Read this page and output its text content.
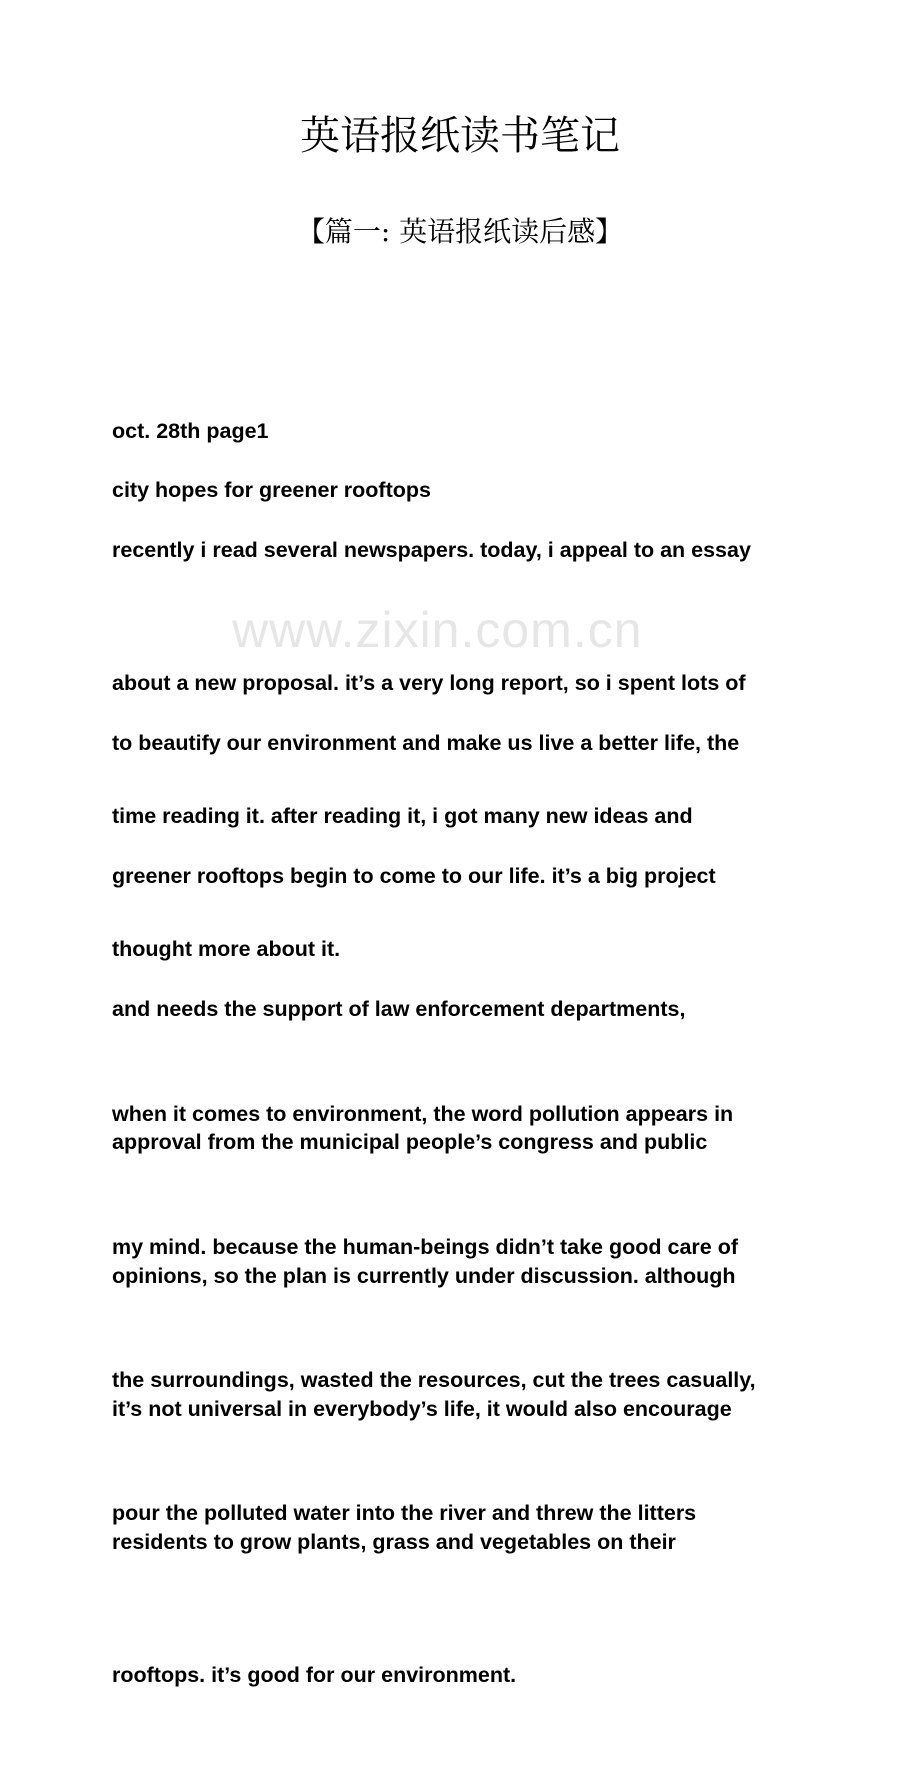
英语报纸读书笔记
【篇一: 英语报纸读后感】

oct. 28th page1

city hopes for greener rooftops

recently i read several newspapers. today, i appeal to an essay

about a new proposal. it’s a very long report, so i spent lots of

time reading it. after reading it, i got many new ideas and

thought more about it.

to beautify our environment and make us live a better life, the

greener rooftops begin to come to our life. it’s a big project

and needs the support of law enforcement departments,

approval from the municipal people’s congress and public

opinions, so the plan is currently under discussion. although

it’s not universal in everybody’s life, it would also encourage

residents to grow plants, grass and vegetables on their

rooftops. it’s good for our environment.

when it comes to environment, the word pollution appears in

my mind. because the human-beings didn’t take good care of

the surroundings, wasted the resources, cut the trees casually,

pour the polluted water into the river and threw the litters

www.zixin.com.cn
